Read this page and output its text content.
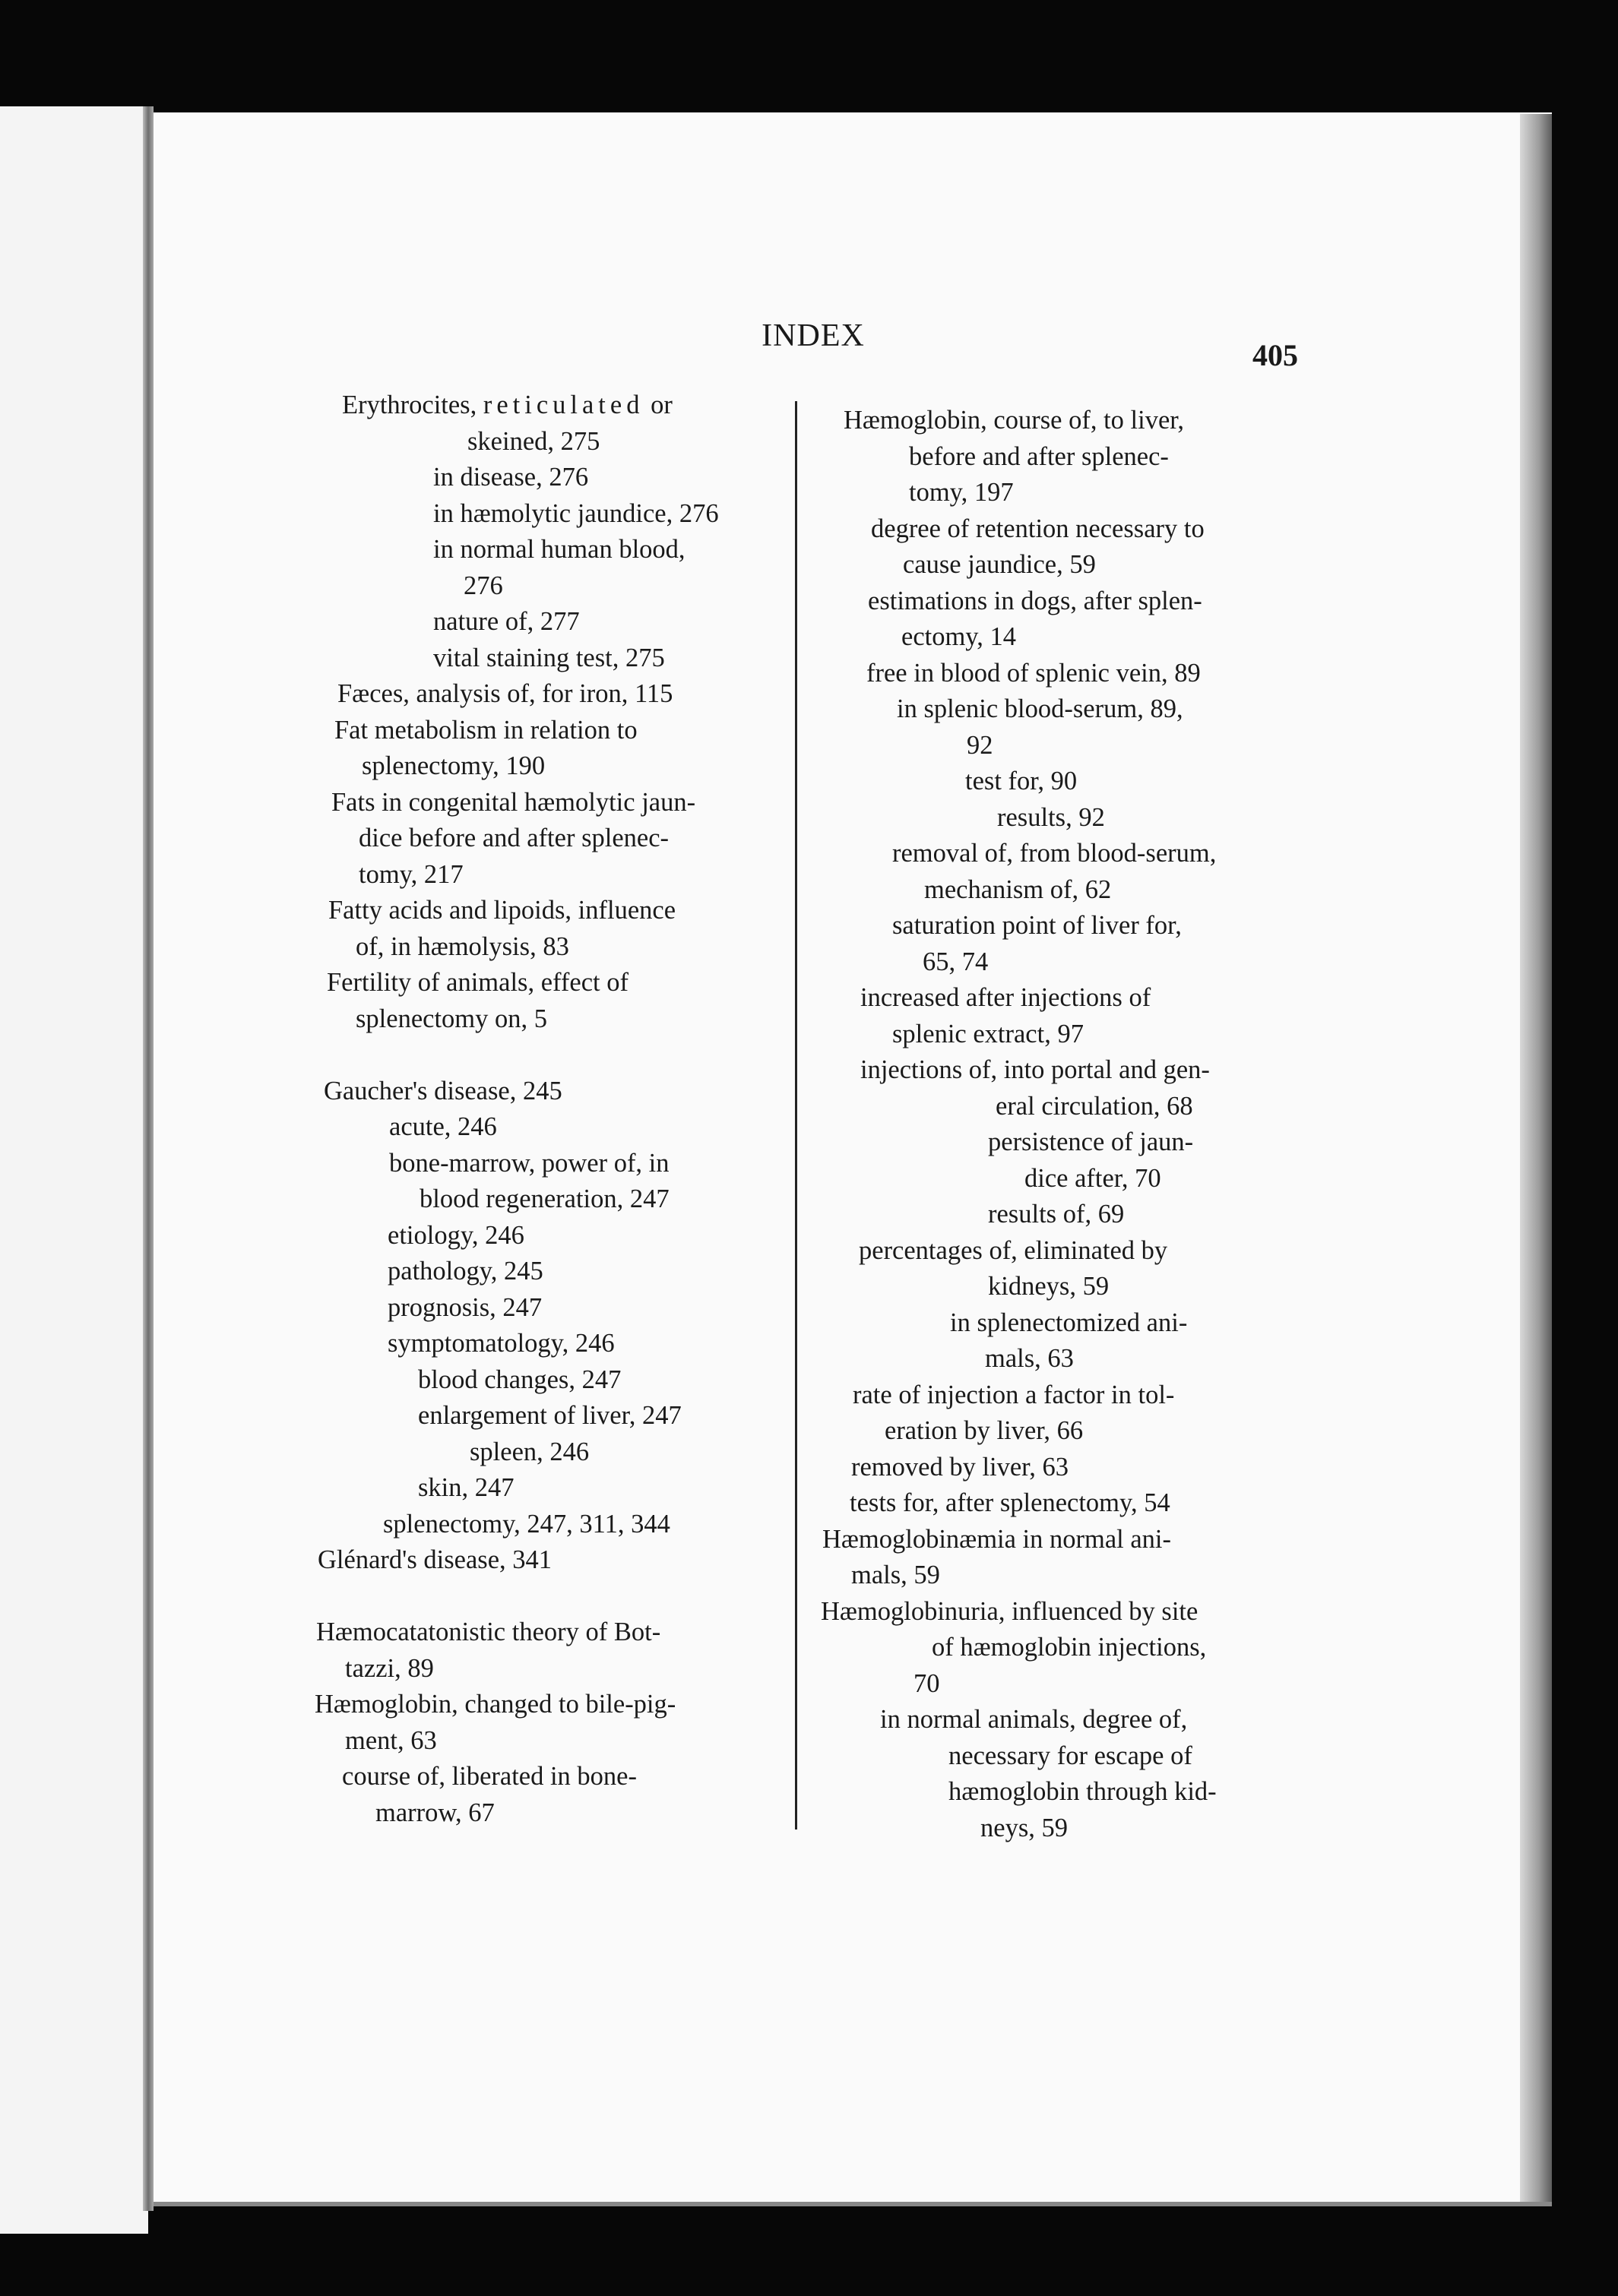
INDEX
405
Erythrocites, reticulated or
skeined, 275
in disease, 276
in hæmolytic jaundice, 276
in normal human blood,
276
nature of, 277
vital staining test, 275
Fæces, analysis of, for iron, 115
Fat metabolism in relation to
splenectomy, 190
Fats in congenital hæmolytic jaun-
dice before and after splenec-
tomy, 217
Fatty acids and lipoids, influence
of, in hæmolysis, 83
Fertility of animals, effect of
splenectomy on, 5
Gaucher's disease, 245
acute, 246
bone-marrow, power of, in
blood regeneration, 247
etiology, 246
pathology, 245
prognosis, 247
symptomatology, 246
blood changes, 247
enlargement of liver, 247
spleen, 246
skin, 247
splenectomy, 247, 311, 344
Glénard's disease, 341
Hæmocatatonistic theory of Bot-
tazzi, 89
Hæmoglobin, changed to bile-pig-
ment, 63
course of, liberated in bone-
marrow, 67
Hæmoglobin, course of, to liver,
before and after splenec-
tomy, 197
degree of retention necessary to
cause jaundice, 59
estimations in dogs, after splen-
ectomy, 14
free in blood of splenic vein, 89
in splenic blood-serum, 89,
92
test for, 90
results, 92
removal of, from blood-serum,
mechanism of, 62
saturation point of liver for,
65, 74
increased after injections of
splenic extract, 97
injections of, into portal and gen-
eral circulation, 68
persistence of jaun-
dice after, 70
results of, 69
percentages of, eliminated by
kidneys, 59
in splenectomized ani-
mals, 63
rate of injection a factor in tol-
eration by liver, 66
removed by liver, 63
tests for, after splenectomy, 54
Hæmoglobinæmia in normal ani-
mals, 59
Hæmoglobinuria, influenced by site
of hæmoglobin injections,
70
in normal animals, degree of,
necessary for escape of
hæmoglobin through kid-
neys, 59
